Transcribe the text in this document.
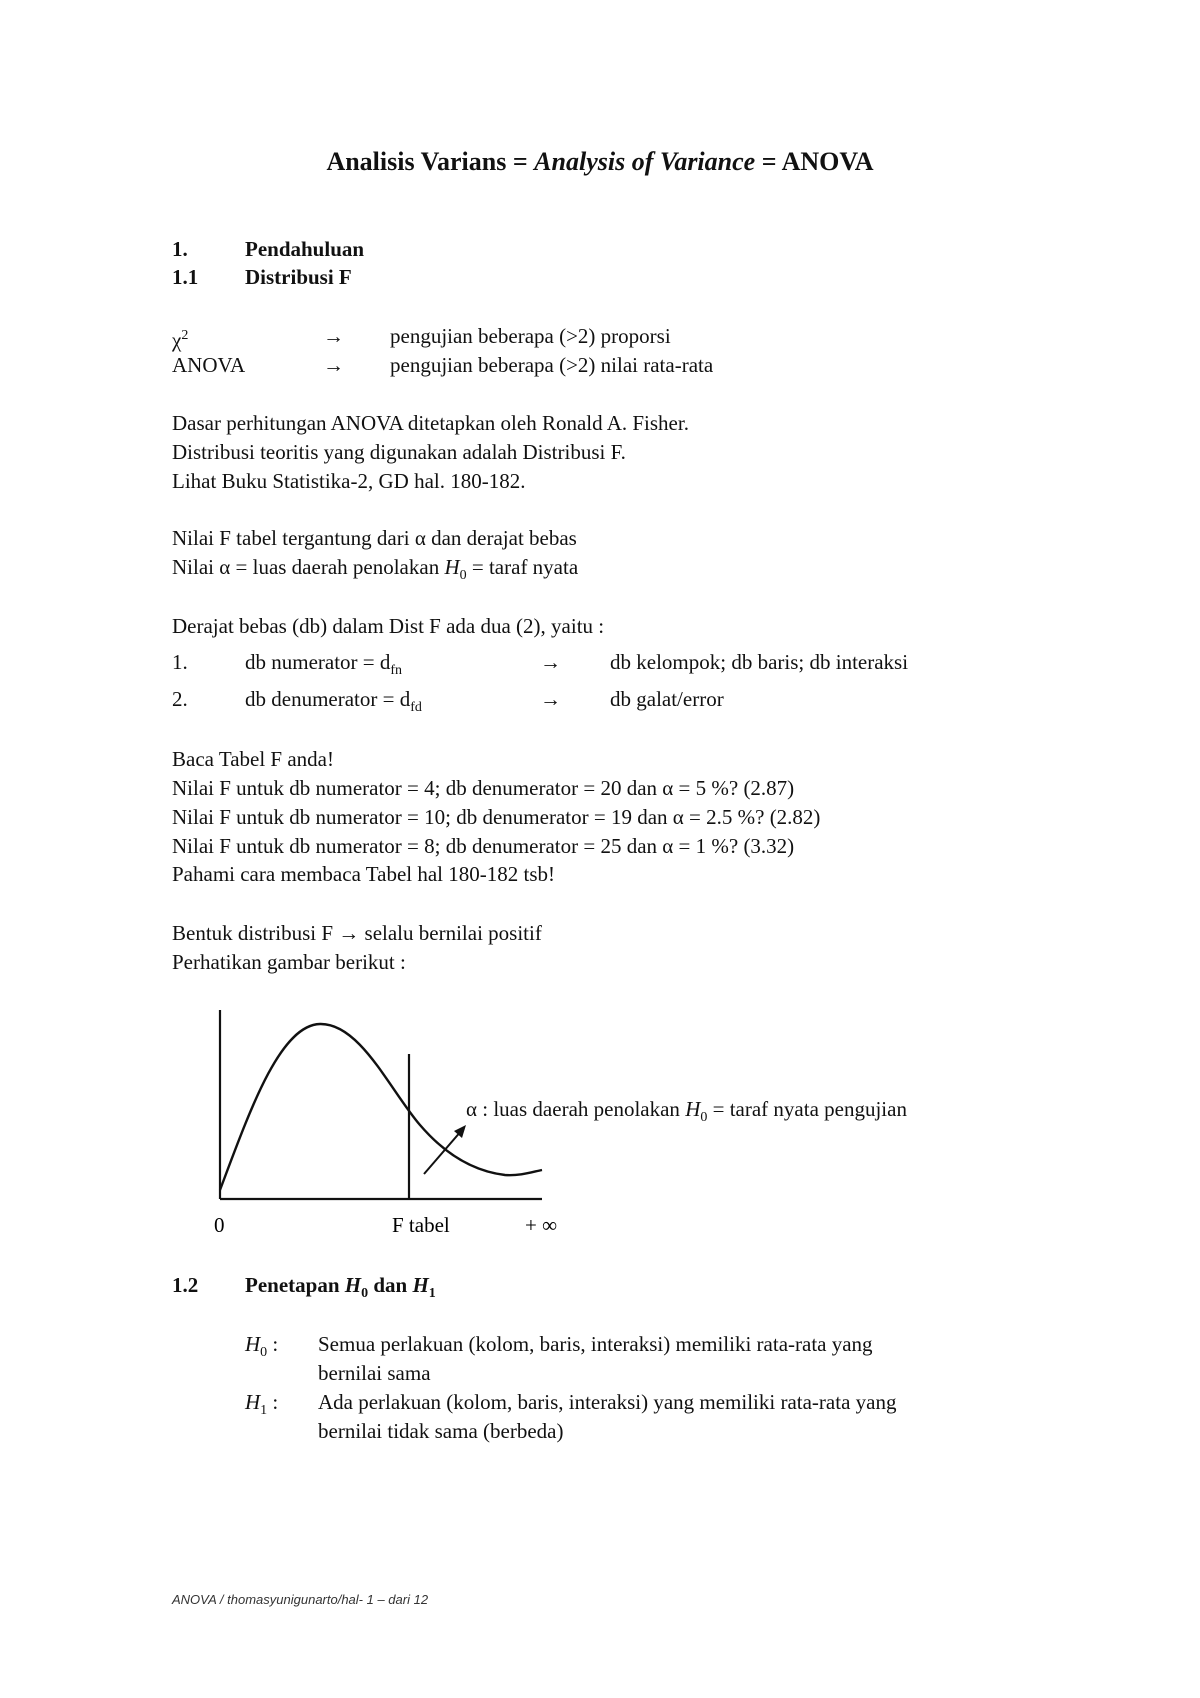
Analisis Varians = Analysis of Variance = ANOVA
1.	Pendahuluan
1.1 Distribusi F
$\chi^2$	→ pengujian beberapa (>2) proporsi
ANOVA	→ pengujian beberapa (>2) nilai rata-rata
Dasar perhitungan ANOVA ditetapkan oleh Ronald A. Fisher.
Distribusi teoritis yang digunakan adalah Distribusi F.
Lihat Buku Statistika-2, GD hal. 180-182.
Nilai F tabel tergantung dari α dan derajat bebas
Nilai α = luas daerah penolakan $H_0$ = taraf nyata
Derajat bebas (db) dalam Dist F ada dua (2), yaitu :
1.	db numerator = $d_{fn}$	→ db kelompok; db baris; db interaksi
2.	db denumerator = $d_{fd}$	→ db galat/error
Baca Tabel F anda!
Nilai F untuk db numerator = 4; db denumerator = 20 dan α = 5 %? (2.87)
Nilai F untuk db numerator = 10; db denumerator = 19 dan α = 2.5 %? (2.82)
Nilai F untuk db numerator = 8; db denumerator = 25 dan α = 1 %? (3.32)
Pahami cara membaca Tabel hal 180-182 tsb!
Bentuk distribusi F → selalu bernilai positif
Perhatikan gambar berikut :
0	F tabel	+ ∞
α : luas daerah penolakan $H_0$ = taraf nyata pengujian
1.2 Penetapan $H_0$ dan $H_1$
$H_0$ : Semua perlakuan (kolom, baris, interaksi) memiliki rata-rata yang
bernilai sama
$H_1$ : Ada perlakuan (kolom, baris, interaksi) yang memiliki rata-rata yang
bernilai tidak sama (berbeda)
ANOVA / thomasyunigunarto/hal- 1 – dari 12
